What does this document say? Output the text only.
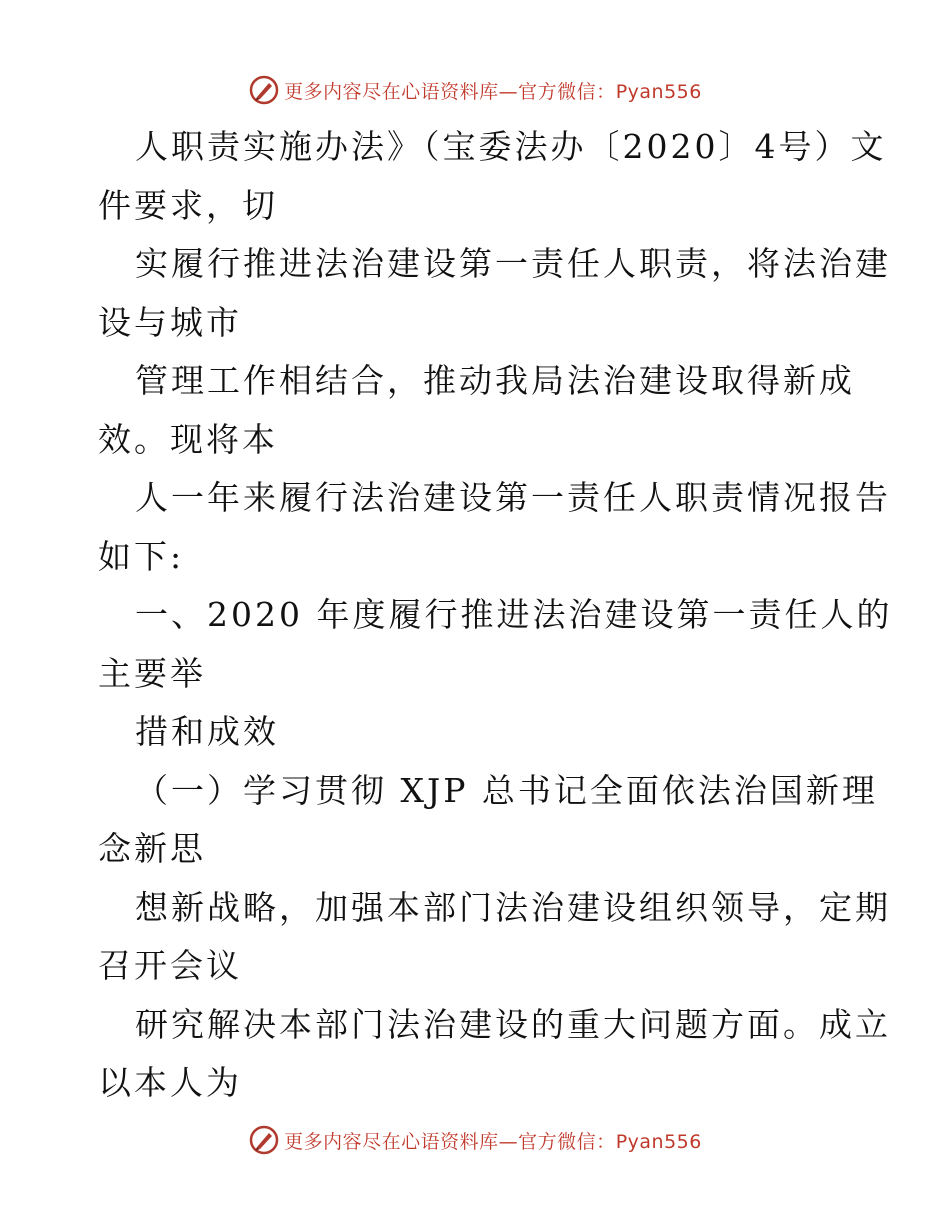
更多内容尽在心语资料库—官方微信：Pyan556
人职责实施办法》（宝委法办〔2020〕4号）文
件要求，切
实履行推进法治建设第一责任人职责，将法治建
设与城市
管理工作相结合，推动我局法治建设取得新成
效。现将本
人一年来履行法治建设第一责任人职责情况报告
如下:
一、2020 年度履行推进法治建设第一责任人的
主要举
措和成效
（一）学习贯彻 XJP 总书记全面依法治国新理
念新思
想新战略，加强本部门法治建设组织领导，定期
召开会议
研究解决本部门法治建设的重大问题方面。成立
以本人为
更多内容尽在心语资料库—官方微信：Pyan556
